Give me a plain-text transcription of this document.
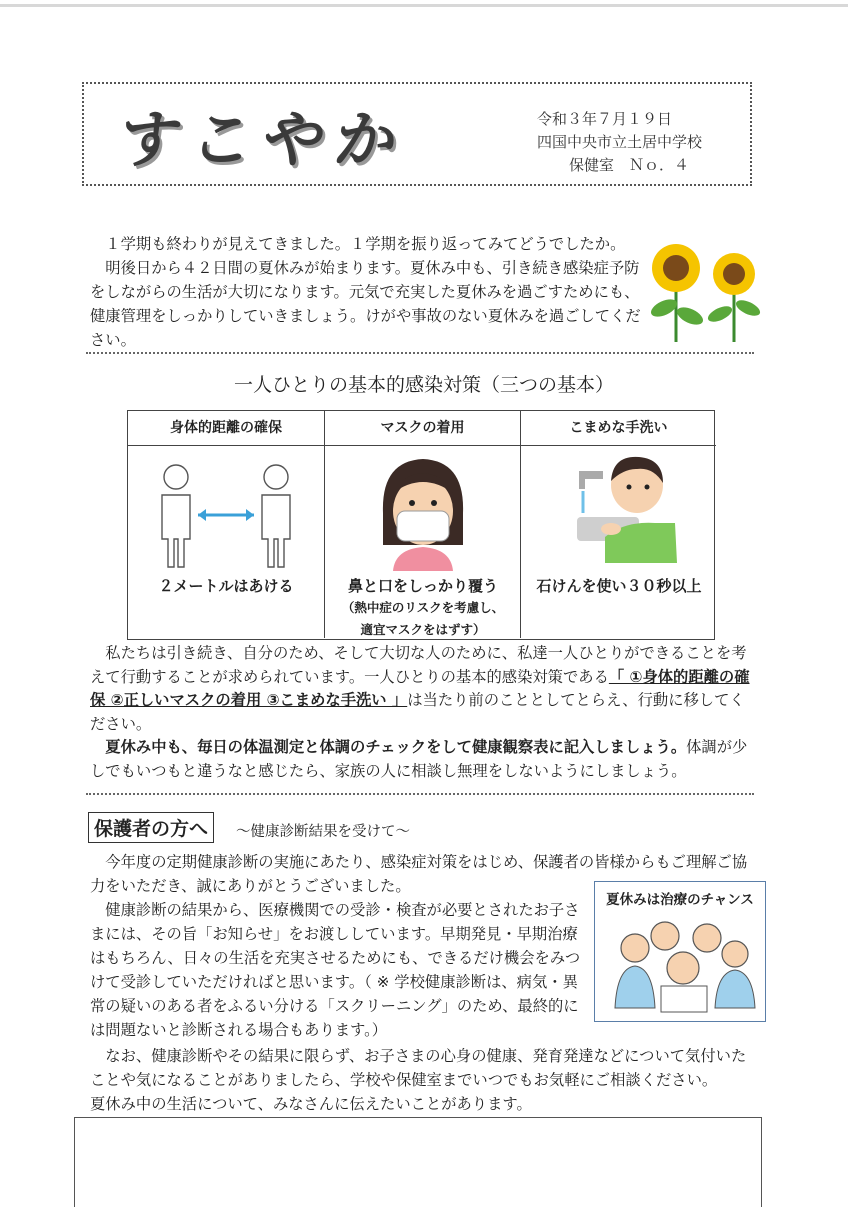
すこやか	令和３年７月１９日
四国中央市立土居中学校
保健室　Ｎｏ．４

１学期も終わりが見えてきました。１学期を振り返ってみてどうでしたか。

明後日から４２日間の夏休みが始まります。夏休み中も、引き続き感染症予防をしながらの生活が大切になります。元気で充実した夏休みを過ごすためにも、健康管理をしっかりしていきましょう。けがや事故のない夏休みを過ごしてください。

一人ひとりの基本的感染対策（三つの基本）
身体的距離の確保
２メートルはあける
マスクの着用
鼻と口をしっかり覆う
（熱中症のリスクを考慮し、
適宜マスクをはずす）
こまめな手洗い
石けんを使い３０秒以上

私たちは引き続き、自分のため、そして大切な人のために、私達一人ひとりができることを考えて行動することが求められています。一人ひとりの基本的感染対策である「 ①身体的距離の確保 ②正しいマスクの着用 ③こまめな手洗い 」は当たり前のこととしてとらえ、行動に移してください。

夏休み中も、毎日の体温測定と体調のチェックをして健康観察表に記入しましょう。体調が少しでもいつもと違うなと感じたら、家族の人に相談し無理をしないようにしましょう。

保護者の方へ	～健康診断結果を受けて～

今年度の定期健康診断の実施にあたり、感染症対策をはじめ、保護者の皆様からもご理解ご協力をいただき、誠にありがとうございました。

健康診断の結果から、医療機関での受診・検査が必要とされたお子さまには、その旨「お知らせ」をお渡ししています。早期発見・早期治療はもちろん、日々の生活を充実させるためにも、できるだけ機会をみつけて受診していただければと思います。（ ※ 学校健康診断は、病気・異常の疑いのある者をふるい分ける「スクリーニング」のため、最終的には問題ないと診断される場合もあります。）

夏休みは治療のチャンス

なお、健康診断やその結果に限らず、お子さまの心身の健康、発育発達などについて気付いたことや気になることがありましたら、学校や保健室までいつでもお気軽にご相談ください。

夏休み中の生活について、みなさんに伝えたいことがあります。
